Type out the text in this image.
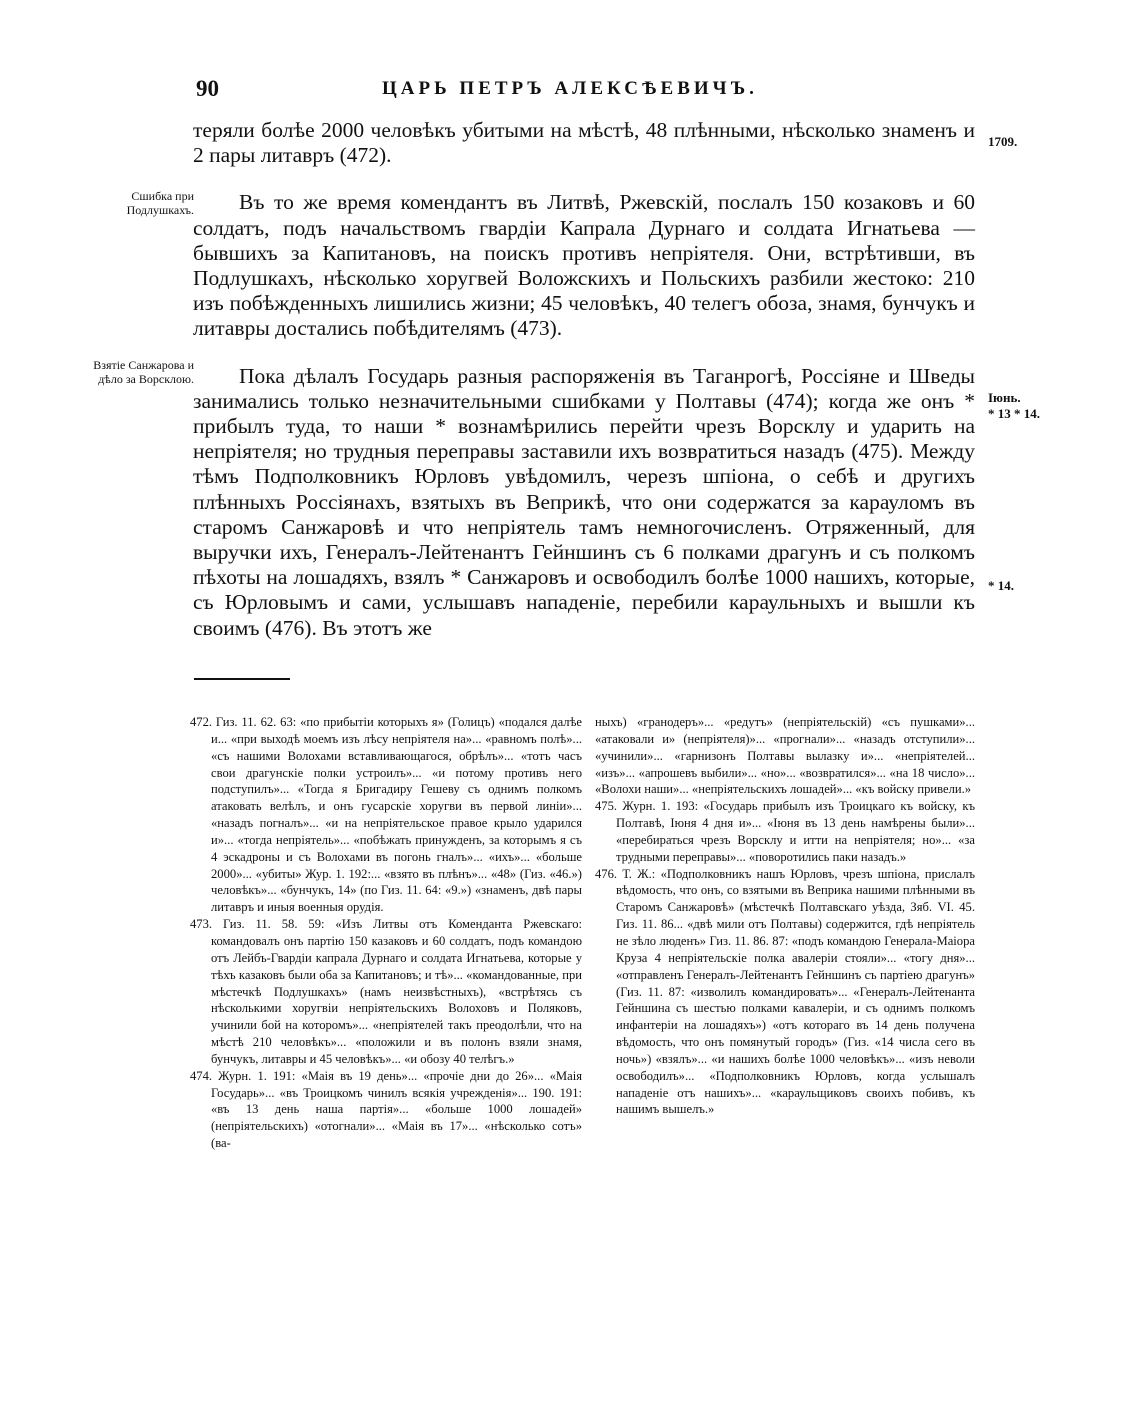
90	ЦАРЬ ПЕТРЪ АЛЕКСѢЕВИЧЪ.
Сшибка при Подлушкахъ.
Взятіе Санжарова и дѣло за Ворсклою.
1709.
Іюнь.
* 13 * 14.
* 14.

теряли болѣе 2000 человѣкъ убитыми на мѣстѣ, 48 плѣнными, нѣсколько знаменъ и 2 пары литавръ (472).

Въ то же время комендантъ въ Литвѣ, Ржевскій, послалъ 150 козаковъ и 60 солдатъ, подъ начальствомъ гвардіи Капрала Дурнаго и солдата Игнатьева — бывшихъ за Капитановъ, на поискъ противъ непріятеля. Они, встрѣтивши, въ Подлушкахъ, нѣсколько хоругвей Воложскихъ и Польскихъ разбили жестоко: 210 изъ побѣжденныхъ лишились жизни; 45 человѣкъ, 40 телегъ обоза, знамя, бунчукъ и литавры достались побѣдителямъ (473).

Пока дѣлалъ Государь разныя распоряженія въ Таганрогѣ, Россіяне и Шведы занимались только незначительными сшибками у Полтавы (474); когда же онъ * прибылъ туда, то наши * вознамѣрились перейти чрезъ Ворсклу и ударить на непріятеля; но трудныя переправы заставили ихъ возвратиться назадъ (475). Между тѣмъ Подполковникъ Юрловъ увѣдомилъ, черезъ шпіона, о себѣ и другихъ плѣнныхъ Россіянахъ, взятыхъ въ Веприкѣ, что они содержатся за карауломъ въ старомъ Санжаровѣ и что непріятель тамъ немногочисленъ. Отряженный, для выручки ихъ, Генералъ-Лейтенантъ Гейншинъ съ 6 полками драгунъ и съ полкомъ пѣхоты на лошадяхъ, взялъ * Санжаровъ и освободилъ болѣе 1000 нашихъ, которые, съ Юрловымъ и сами, услышавъ нападеніе, перебили караульныхъ и вышли къ своимъ (476). Въ этотъ же

472. Гиз. 11. 62. 63: «по прибытіи которыхъ я» (Голицъ) «подался далѣе и... «при выходѣ моемъ изъ лѣсу непріятеля на»... «равномъ полѣ»... «съ нашими Волохами вставливающагося, обрѣлъ»... «тотъ часъ свои драгунскіе полки устроилъ»... «и потому противъ него подступилъ»... «Тогда я Бригадиру Гешеву съ однимъ полкомъ атаковать велѣлъ, и онъ гусарскіе хоругви въ первой линіи»... «назадъ погналъ»... «и на непріятельское правое крыло ударился и»... «тогда непріятель»... «побѣжать принужденъ, за которымъ я съ 4 эскадроны и съ Волохами въ погонь гналъ»... «ихъ»... «больше 2000»... «убиты» Жур. 1. 192:... «взято въ плѣнъ»... «48» (Гиз. «46.») человѣкъ»... «бунчукъ, 14» (по Гиз. 11. 64: «9.») «знаменъ, двѣ пары литавръ и иныя военныя орудія.

473. Гиз. 11. 58. 59: «Изъ Литвы отъ Коменданта Ржевскаго: командовалъ онъ партію 150 казаковъ и 60 солдатъ, подъ командою отъ Лейбъ-Гвардіи капрала Дурнаго и солдата Игнатьева, которые у тѣхъ казаковъ были оба за Капитановъ; и тѣ»... «командованные, при мѣстечкѣ Подлушкахъ» (намъ неизвѣстныхъ), «встрѣтясь съ нѣсколькими хоругвіи непріятельскихъ Волоховъ и Поляковъ, учинили бой на которомъ»... «непріятелей такъ преодолѣли, что на мѣстѣ 210 человѣкъ»... «положили и въ полонъ взяли знамя, бунчукъ, литавры и 45 человѣкъ»... «и обозу 40 телѣгъ.»

474. Журн. 1. 191: «Маія въ 19 день»... «прочіе дни до 26»... «Маія Государь»... «въ Троицкомъ чинилъ всякія учрежденія»... 190. 191: «въ 13 день наша партія»... «больше 1000 лошадей» (непріятельскихъ) «отогнали»... «Маія въ 17»... «нѣсколько сотъ» (ва-

ныхъ) «гранодеръ»... «редутъ» (непріятельскій) «съ пушками»... «атаковали и» (непріятеля)»... «прогнали»... «назадъ отступили»... «учинили»... «гарнизонъ Полтавы вылазку и»... «непріятелей... «изъ»... «апрошевъ выбили»... «но»... «возвратился»... «на 18 число»... «Волохи наши»... «непріятельскихъ лошадей»... «къ войску привели.»

475. Журн. 1. 193: «Государь прибылъ изъ Троицкаго къ войску, къ Полтавѣ, Іюня 4 дня и»... «Іюня въ 13 день намѣрены были»... «перебираться чрезъ Ворсклу и итти на непріятеля; но»... «за трудными переправы»... «поворотились паки назадъ.»

476. Т. Ж.: «Подполковникъ нашъ Юрловъ, чрезъ шпіона, прислалъ вѣдомость, что онъ, со взятыми въ Веприка нашими плѣнными въ Старомъ Санжаровѣ» (мѣстечкѣ Полтавскаго уѣзда, Зяб. VI. 45. Гиз. 11. 86... «двѣ мили отъ Полтавы) содержится, гдѣ непріятель не зѣло люденъ» Гиз. 11. 86. 87: «подъ командою Генерала-Маіора Круза 4 непріятельскіе полка авалеріи стояли»... «тогу дня»... «отправленъ Генералъ-Лейтенантъ Гейншинъ съ партіею драгунъ» (Гиз. 11. 87: «изволилъ командировать»... «Генералъ-Лейтенанта Гейншина съ шестью полками кавалеріи, и съ однимъ полкомъ инфантеріи на лошадяхъ») «отъ котораго въ 14 день получена вѣдомость, что онъ помянутый городъ» (Гиз. «14 числа сего въ ночь») «взялъ»... «и нашихъ болѣе 1000 человѣкъ»... «изъ неволи освободилъ»... «Подполковникъ Юрловъ, когда услышалъ нападеніе отъ нашихъ»... «караульщиковъ своихъ побивъ, къ нашимъ вышелъ.»
